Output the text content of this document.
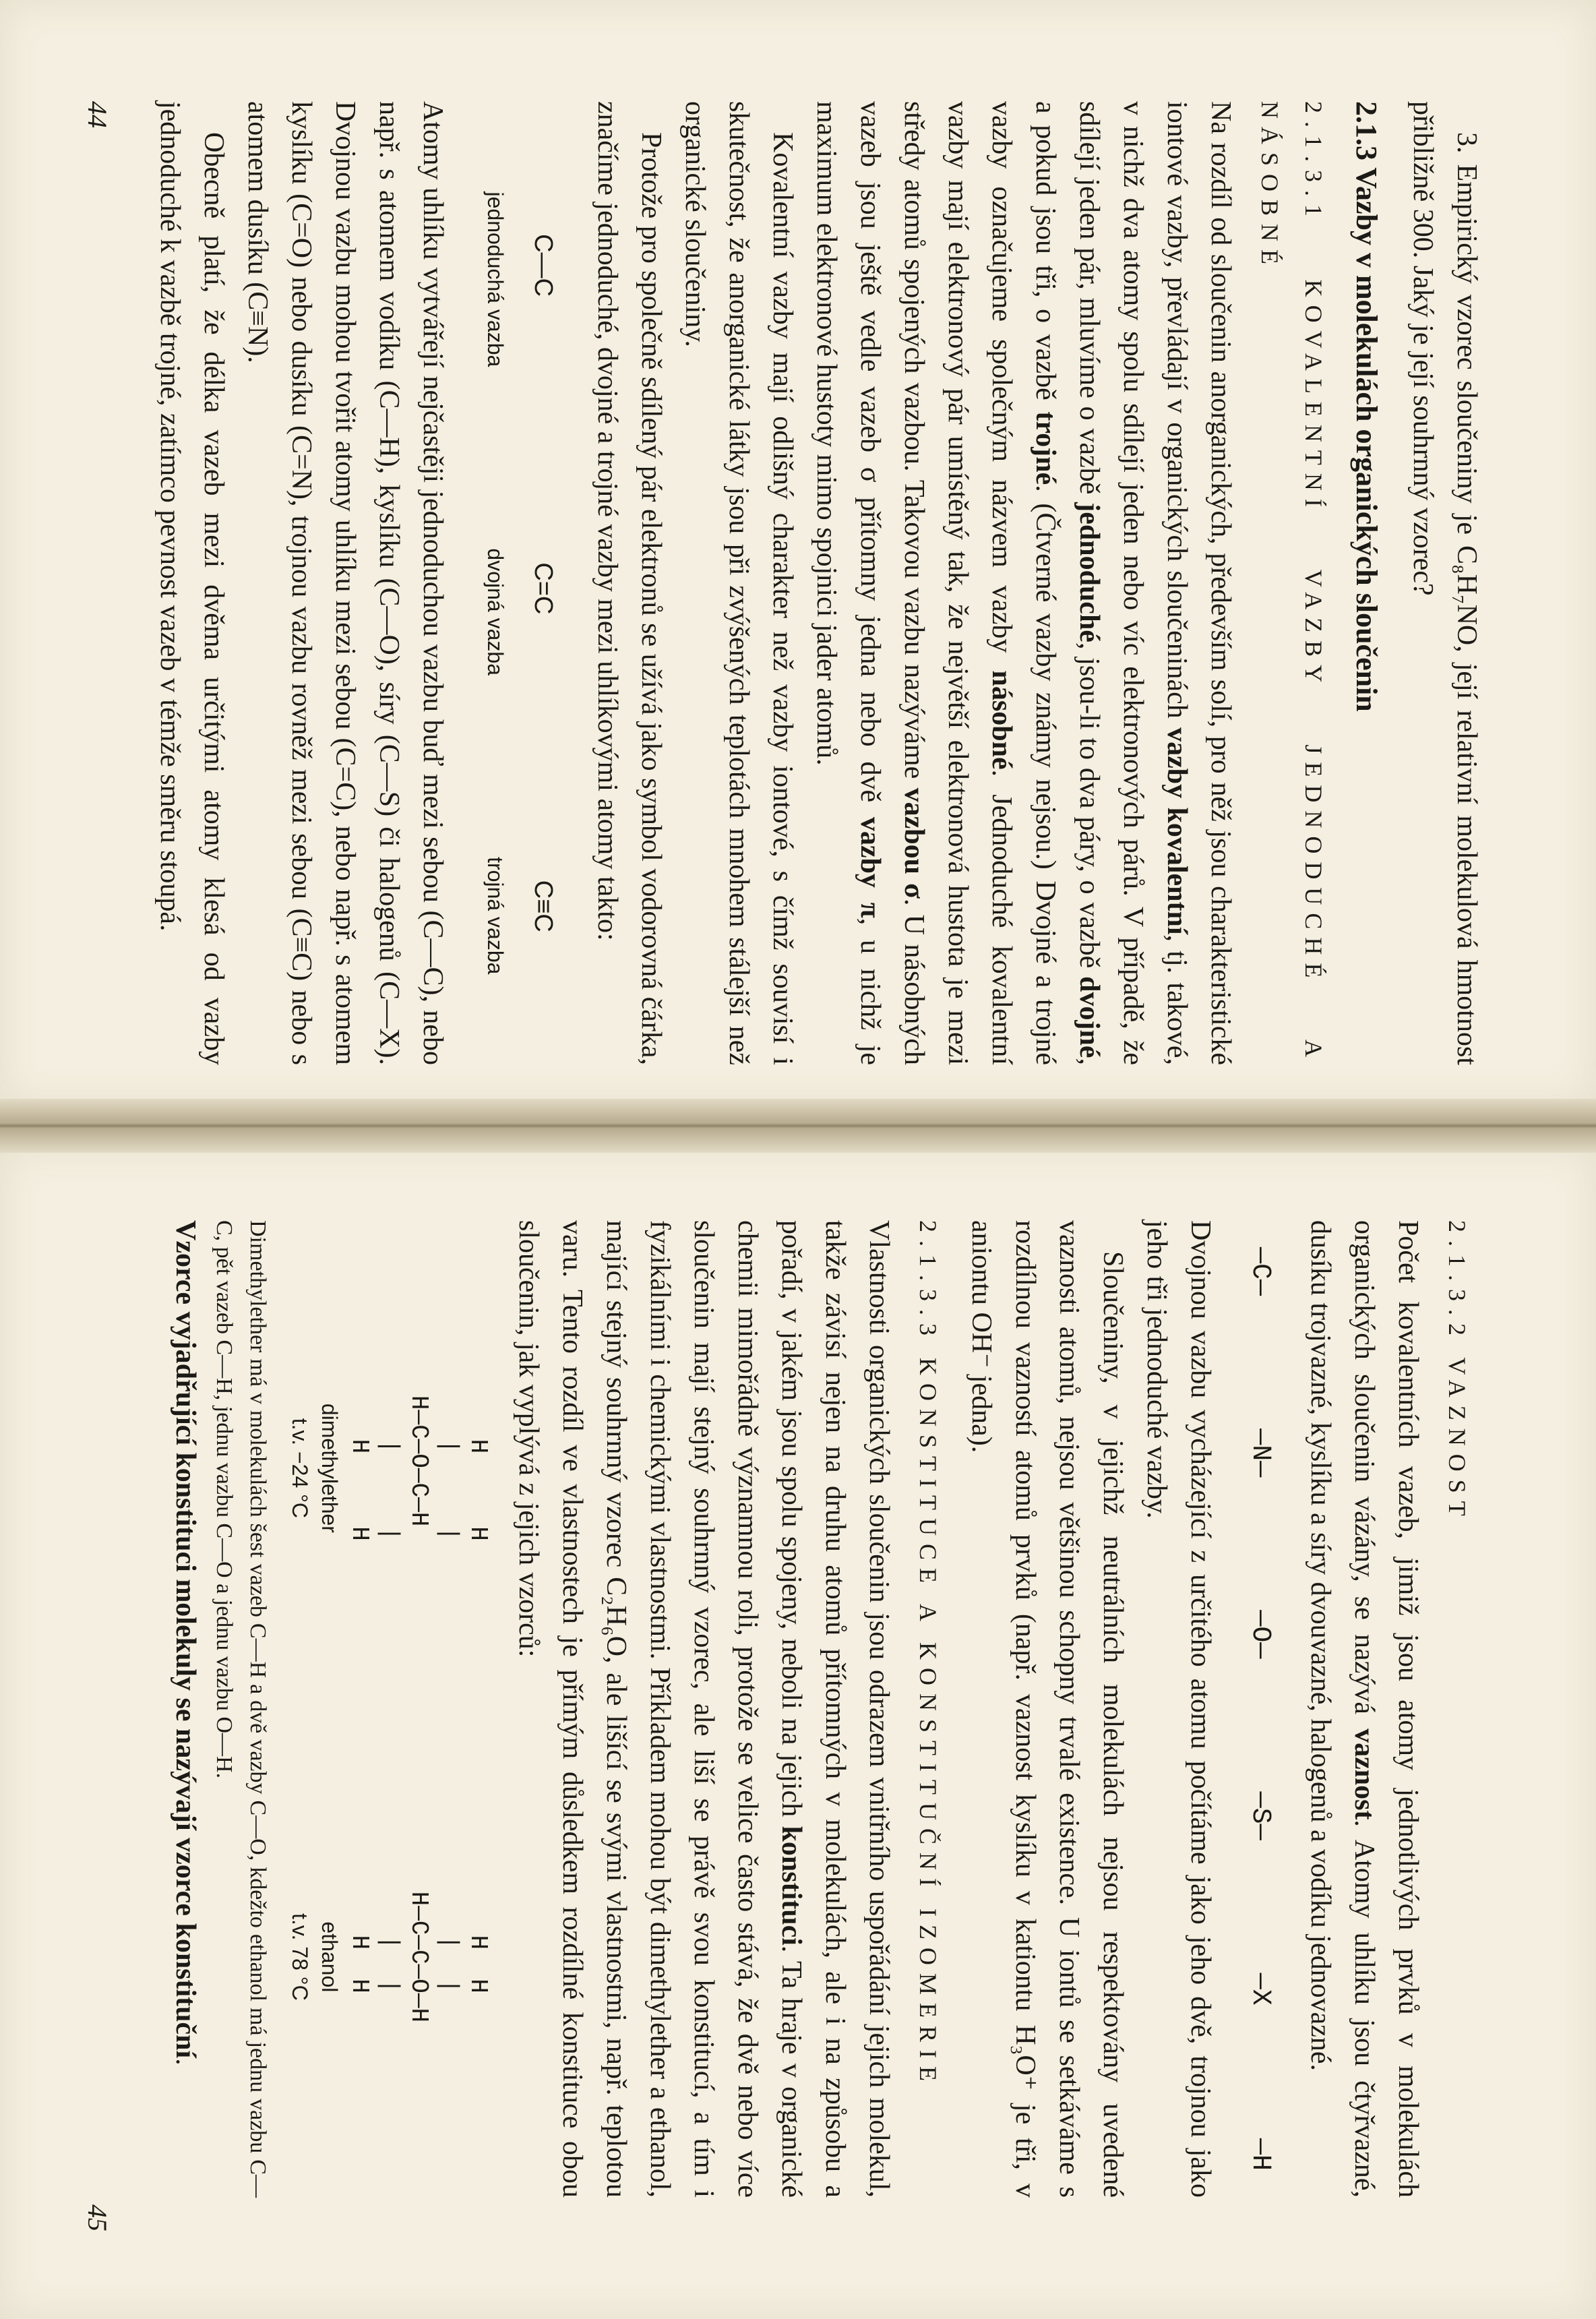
3. Empirický vzorec sloučeniny je C₈H₇NO, její relativní molekulová hmotnost přibližně 300. Jaký je její souhrnný vzorec?

2.1.3 Vazby v molekulách organických sloučenin

2.1.3.1 KOVALENTNÍ VAZBY JEDNODUCHÉ A NÁSOBNÉ

Na rozdíl od sloučenin anorganických, především solí, pro něž jsou charakteristické iontové vazby, převládají v organických sloučeninách vazby kovalentní, tj. takové, v nichž dva atomy spolu sdílejí jeden nebo víc elektronových párů. V případě, že sdílejí jeden pár, mluvíme o vazbě jednoduché, jsou-li to dva páry, o vazbě dvojné, a pokud jsou tři, o vazbě trojné. (Čtverné vazby známy nejsou.) Dvojné a trojné vazby označujeme společným názvem vazby násobné. Jednoduché kovalentní vazby mají elektronový pár umístěný tak, že největší elektronová hustota je mezi středy atomů spojených vazbou. Takovou vazbu nazýváme vazbou σ. U násobných vazeb jsou ještě vedle vazeb σ přítomny jedna nebo dvě vazby π, u nichž je maximum elektronové hustoty mimo spojnici jader atomů.

Kovalentní vazby mají odlišný charakter než vazby iontové, s čímž souvisí i skutečnost, že anorganické látky jsou při zvýšených teplotách mnohem stálejší než organické sloučeniny.

Protože pro společně sdílený pár elektronů se užívá jako symbol vodorovná čárka, značíme jednoduché, dvojné a trojné vazby mezi uhlíkovými atomy takto:

C—C
C=C
C≡C
jednoduchá vazba
dvojná vazba
trojná vazba

Atomy uhlíku vytvářejí nejčastěji jednoduchou vazbu buď mezi sebou (C—C), nebo např. s atomem vodíku (C—H), kyslíku (C—O), síry (C—S) či halogenů (C—X). Dvojnou vazbu mohou tvořit atomy uhlíku mezi sebou (C=C), nebo např. s atomem kyslíku (C=O) nebo dusíku (C=N), trojnou vazbu rovněž mezi sebou (C≡C) nebo s atomem dusíku (C≡N).

Obecně platí, že délka vazeb mezi dvěma určitými atomy klesá od vazby jednoduché k vazbě trojné, zatímco pevnost vazeb v témže směru stoupá.

44

2.1.3.2 VAZNOST

Počet kovalentních vazeb, jimiž jsou atomy jednotlivých prvků v molekulách organických sloučenin vázány, se nazývá vaznost. Atomy uhlíku jsou čtyřvazné, dusíku trojvazné, kyslíku a síry dvouvazné, halogenů a vodíku jednovazné.

—C—
—N—
—O—
—S—
—X
—H

Dvojnou vazbu vycházející z určitého atomu počítáme jako jeho dvě, trojnou jako jeho tři jednoduché vazby.

Sloučeniny, v jejichž neutrálních molekulách nejsou respektovány uvedené vaznosti atomů, nejsou většinou schopny trvalé existence. U iontů se setkáváme s rozdílnou vazností atomů prvků (např. vaznost kyslíku v kationtu H₃O⁺ je tři, v aniontu OH⁻ jedna).

2.1.3.3 KONSTITUCE A KONSTITUČNÍ IZOMERIE

Vlastnosti organických sloučenin jsou odrazem vnitřního uspořádání jejich molekul, takže závisí nejen na druhu atomů přítomných v molekulách, ale i na způsobu a pořadí, v jakém jsou spolu spojeny, neboli na jejich konstituci. Ta hraje v organické chemii mimořádně významnou roli, protože se velice často stává, že dvě nebo více sloučenin mají stejný souhrnný vzorec, ale liší se právě svou konstitucí, a tím i fyzikálními i chemickými vlastnostmi. Příkladem mohou být dimethylether a ethanol, mající stejný souhrnný vzorec C₂H₆O, ale lišící se svými vlastnostmi, např. teplotou varu. Tento rozdíl ve vlastnostech je přímým důsledkem rozdílné konstituce obou sloučenin, jak vyplývá z jejich vzorců:

H     H
|     |
H—C—O—C—H
|     |
H     H
dimethylether
t.v. −24 °C
H  H
|  |
H—C—C—O—H
|  |
H  H
ethanol
t.v. 78 °C

Dimethylether má v molekulách šest vazeb C—H a dvě vazby C—O, kdežto ethanol má jednu vazbu C—C, pět vazeb C—H, jednu vazbu C—O a jednu vazbu O—H.

Vzorce vyjadřující konstituci molekuly se nazývají vzorce konstituční.

45
